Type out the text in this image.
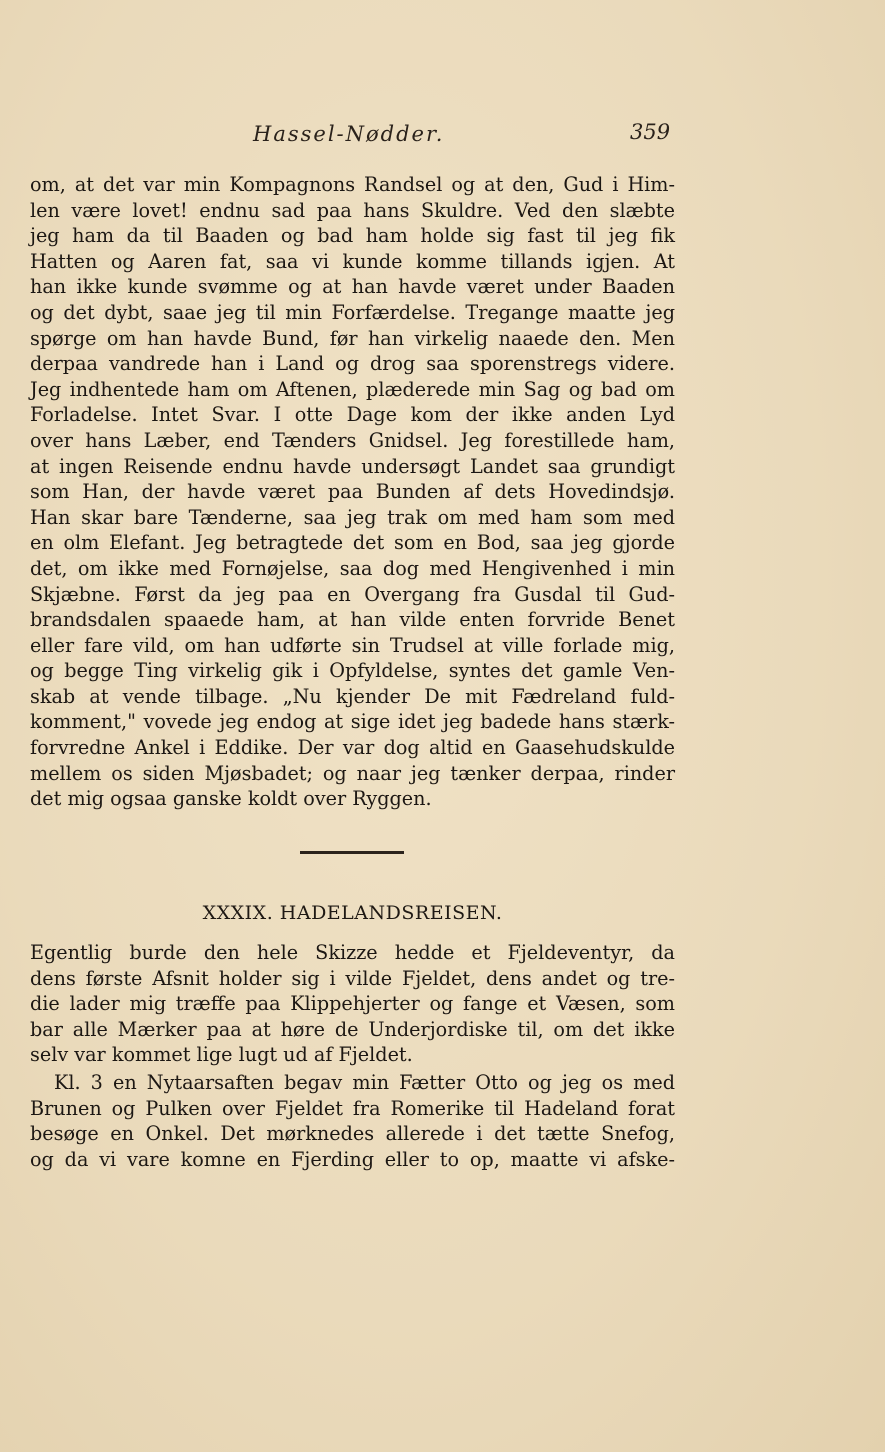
Hassel-Nødder.	359
om, at det var min Kompagnons Randsel og at den, Gud i Him-
len være lovet! endnu sad paa hans Skuldre. Ved den slæbte
jeg ham da til Baaden og bad ham holde sig fast til jeg fik
Hatten og Aaren fat, saa vi kunde komme tillands igjen. At
han ikke kunde svømme og at han havde været under Baaden
og det dybt, saae jeg til min Forfærdelse. Tregange maatte jeg
spørge om han havde Bund, før han virkelig naaede den. Men
derpaa vandrede han i Land og drog saa sporenstregs videre.
Jeg indhentede ham om Aftenen, plæderede min Sag og bad om
Forladelse. Intet Svar. I otte Dage kom der ikke anden Lyd
over hans Læber, end Tænders Gnidsel. Jeg forestillede ham,
at ingen Reisende endnu havde undersøgt Landet saa grundigt
som Han, der havde været paa Bunden af dets Hovedindsjø.
Han skar bare Tænderne, saa jeg trak om med ham som med
en olm Elefant. Jeg betragtede det som en Bod, saa jeg gjorde
det, om ikke med Fornøjelse, saa dog med Hengivenhed i min
Skjæbne. Først da jeg paa en Overgang fra Gusdal til Gud-
brandsdalen spaaede ham, at han vilde enten forvride Benet
eller fare vild, om han udførte sin Trudsel at ville forlade mig,
og begge Ting virkelig gik i Opfyldelse, syntes det gamle Ven-
skab at vende tilbage. „Nu kjender De mit Fædreland fuld-
komment," vovede jeg endog at sige idet jeg badede hans stærk-
forvredne Ankel i Eddike. Der var dog altid en Gaasehudskulde
mellem os siden Mjøsbadet; og naar jeg tænker derpaa, rinder
det mig ogsaa ganske koldt over Ryggen.
XXXIX. HADELANDSREISEN.
Egentlig burde den hele Skizze hedde et Fjeldeventyr, da
dens første Afsnit holder sig i vilde Fjeldet, dens andet og tre-
die lader mig træffe paa Klippehjerter og fange et Væsen, som
bar alle Mærker paa at høre de Underjordiske til, om det ikke
selv var kommet lige lugt ud af Fjeldet.
Kl. 3 en Nytaarsaften begav min Fætter Otto og jeg os med
Brunen og Pulken over Fjeldet fra Romerike til Hadeland forat
besøge en Onkel. Det mørknedes allerede i det tætte Snefog,
og da vi vare komne en Fjerding eller to op, maatte vi afske-
